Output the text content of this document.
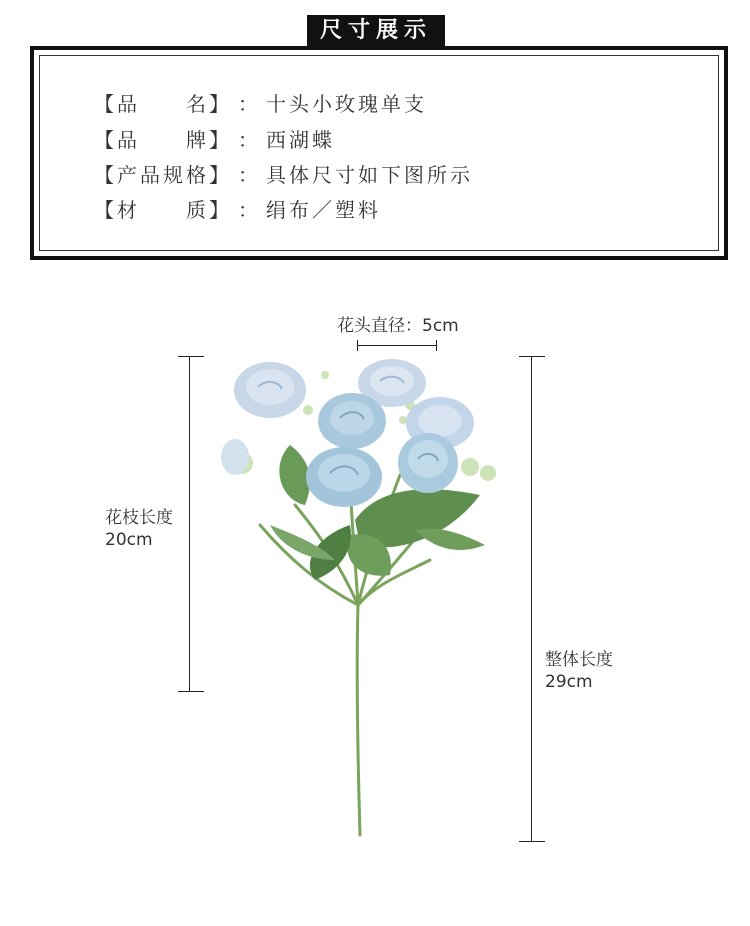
尺寸展示
【品　　名】 ： 十头小玫瑰单支
【品　　牌】 ： 西湖蝶
【产品规格】 ： 具体尺寸如下图所示
【材　　质】 ： 绢布／塑料
花头直径：5cm
花枝长度
20cm
整体长度
29cm
